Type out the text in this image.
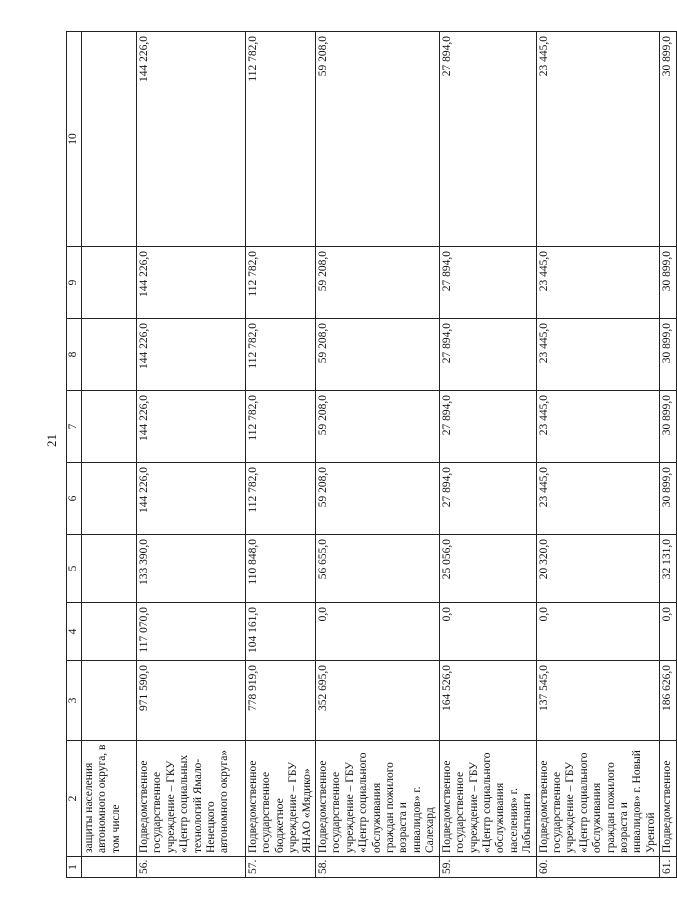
21
1	2	3	4	5	6	7	8	9	10
	защиты населения автономного округа, в том числе								
56.	Подведомственное государственное учреждение – ГКУ «Центр социальных технологий Ямало-Ненецкого автономного округа»	971 590,0	117 070,0	133 390,0	144 226,0	144 226,0	144 226,0	144 226,0	144 226,0
57.	Подведомственное государственное бюджетное учреждение – ГБУ ЯНАО «Мядико»	778 919,0	104 161,0	110 848,0	112 782,0	112 782,0	112 782,0	112 782,0	112 782,0
58.	Подведомственное государственное учреждение – ГБУ «Центр социального обслуживания граждан пожилого возраста и инвалидов» г. Салехард	352 695,0	0,0	56 655,0	59 208,0	59 208,0	59 208,0	59 208,0	59 208,0
59.	Подведомственное государственное учреждение – ГБУ «Центр социального обслуживания населения» г. Лабытнанги	164 526,0	0,0	25 056,0	27 894,0	27 894,0	27 894,0	27 894,0	27 894,0
60.	Подведомственное государственное учреждение – ГБУ «Центр социального обслуживания граждан пожилого возраста и инвалидов» г. Новый Уренгой	137 545,0	0,0	20 320,0	23 445,0	23 445,0	23 445,0	23 445,0	23 445,0
61.	Подведомственное	186 626,0	0,0	32 131,0	30 899,0	30 899,0	30 899,0	30 899,0	30 899,0
